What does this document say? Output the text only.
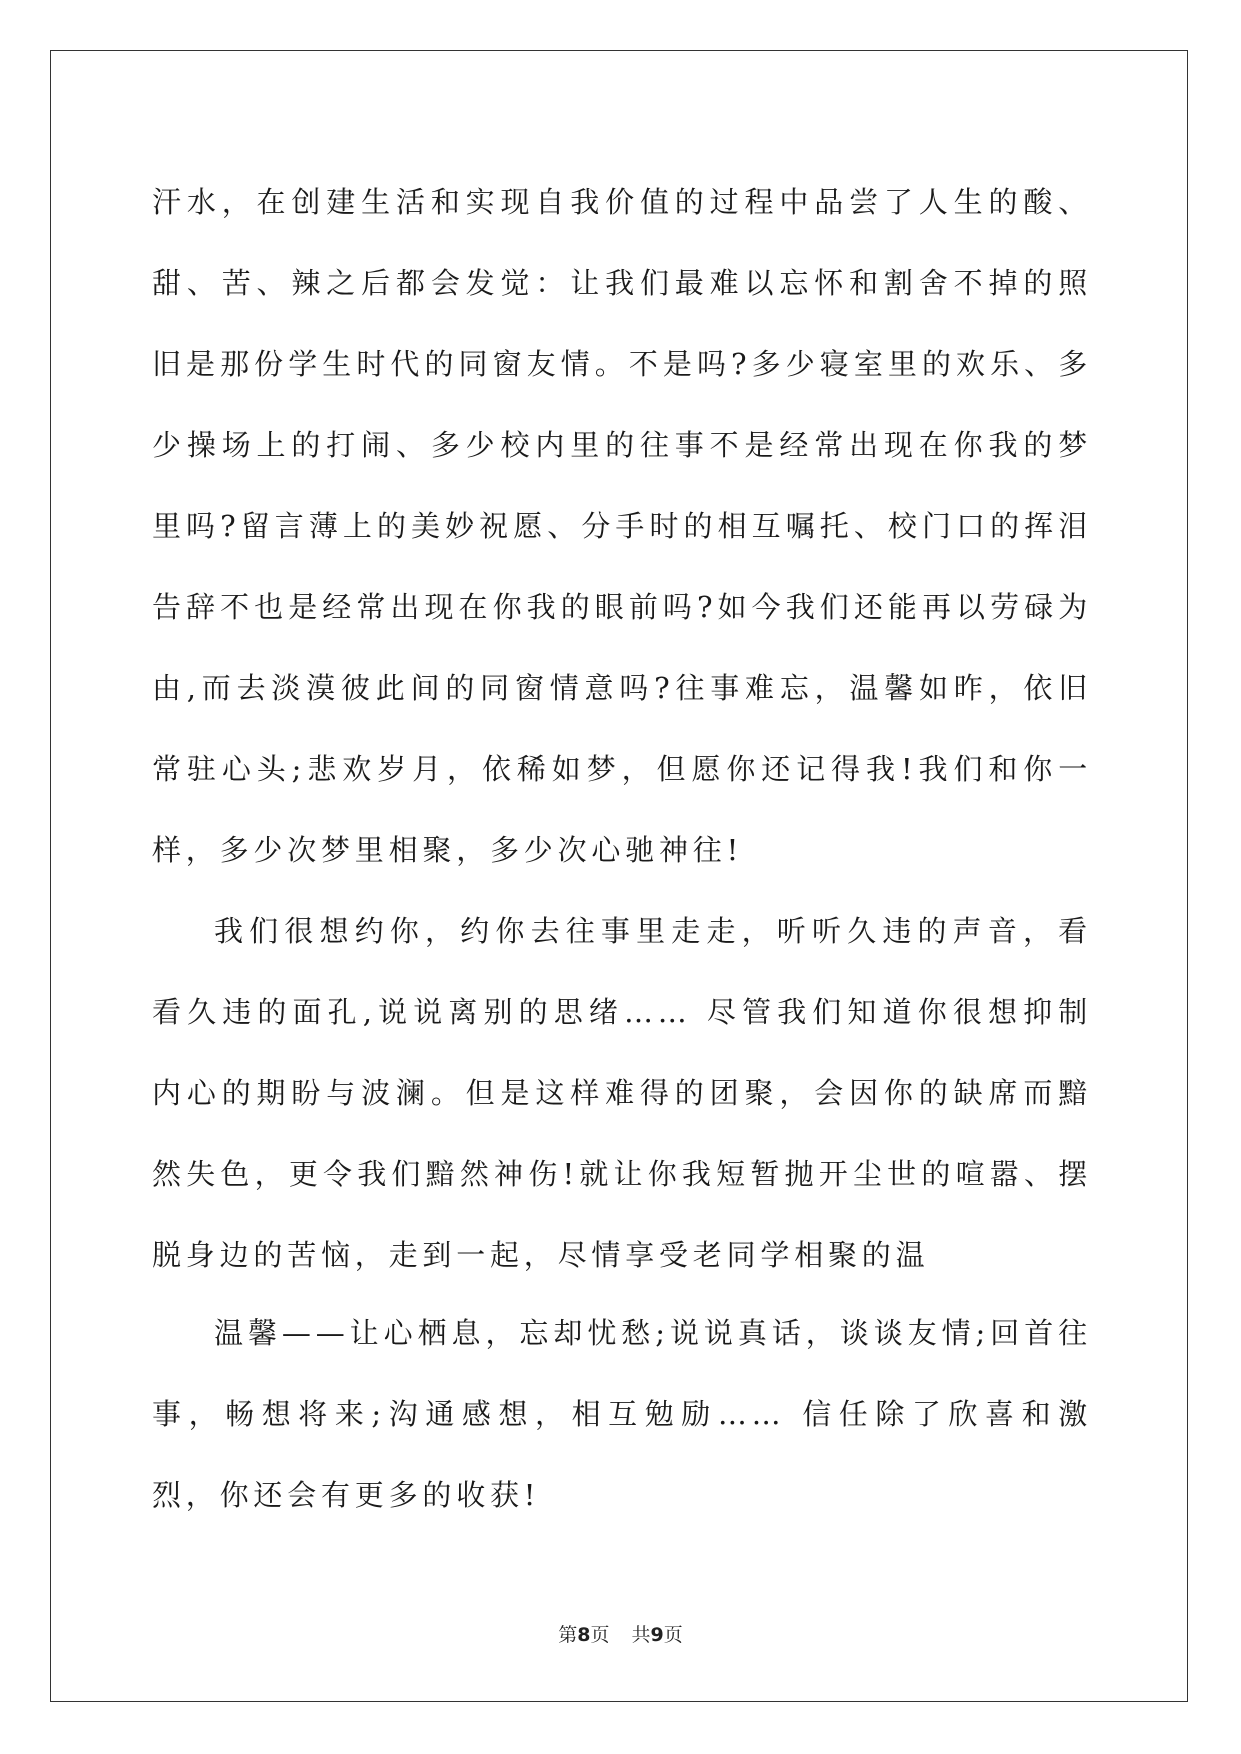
汗水，在创建生活和实现自我价值的过程中品尝了人生的酸、甜、苦、辣之后都会发觉：让我们最难以忘怀和割舍不掉的照旧是那份学生时代的同窗友情。不是吗?多少寝室里的欢乐、多少操场上的打闹、多少校内里的往事不是经常出现在你我的梦里吗?留言薄上的美妙祝愿、分手时的相互嘱托、校门口的挥泪告辞不也是经常出现在你我的眼前吗?如今我们还能再以劳碌为由,而去淡漠彼此间的同窗情意吗?往事难忘，温馨如昨，依旧常驻心头;悲欢岁月，依稀如梦，但愿你还记得我!我们和你一样，多少次梦里相聚，多少次心驰神往!

我们很想约你，约你去往事里走走，听听久违的声音，看看久违的面孔,说说离别的思绪…… 尽管我们知道你很想抑制内心的期盼与波澜。但是这样难得的团聚，会因你的缺席而黯然失色，更令我们黯然神伤!就让你我短暂抛开尘世的喧嚣、摆脱身边的苦恼，走到一起，尽情享受老同学相聚的温

温馨——让心栖息，忘却忧愁;说说真话，谈谈友情;回首往事，畅想将来;沟通感想，相互勉励…… 信任除了欣喜和激烈，你还会有更多的收获!

第8页 共9页
